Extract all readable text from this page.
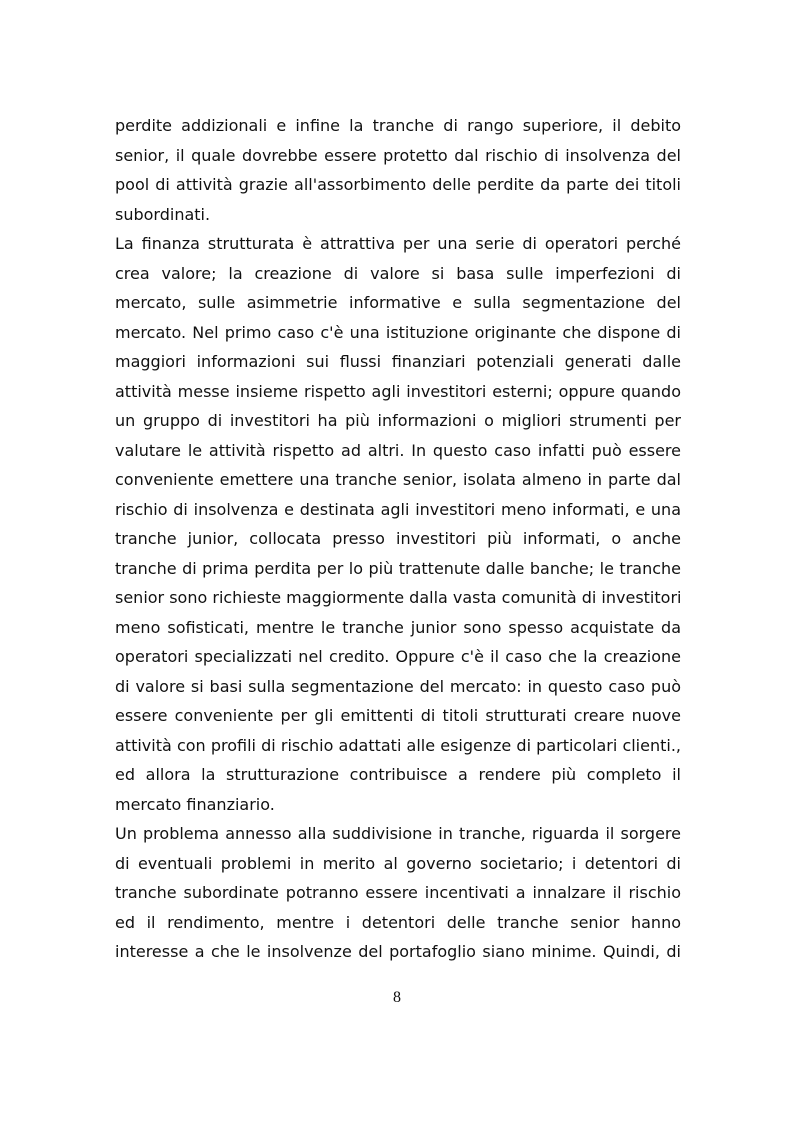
perdite addizionali e infine la tranche di rango superiore, il debito
senior, il quale dovrebbe essere protetto dal rischio di insolvenza del
pool di attività grazie all'assorbimento delle perdite da parte dei titoli
subordinati.
La finanza strutturata è attrattiva per una serie di operatori perché
crea valore; la creazione di valore si basa sulle imperfezioni di
mercato, sulle asimmetrie informative e sulla segmentazione del
mercato. Nel primo caso c'è una istituzione originante che dispone di
maggiori informazioni sui flussi finanziari potenziali generati dalle
attività messe insieme rispetto agli investitori esterni; oppure quando
un gruppo di investitori ha più informazioni o migliori strumenti per
valutare le attività rispetto ad altri. In questo caso infatti può essere
conveniente emettere una tranche senior, isolata almeno in parte dal
rischio di insolvenza e destinata agli investitori meno informati, e una
tranche junior, collocata presso investitori più informati, o anche
tranche di prima perdita per lo più trattenute dalle banche; le tranche
senior sono richieste maggiormente dalla vasta comunità di investitori
meno sofisticati, mentre le tranche junior sono spesso acquistate da
operatori specializzati nel credito. Oppure c'è il caso che la creazione
di valore si basi sulla segmentazione del mercato: in questo caso può
essere conveniente per gli emittenti di titoli strutturati creare nuove
attività con profili di rischio adattati alle esigenze di particolari clienti.,
ed allora la strutturazione contribuisce a rendere più completo il
mercato finanziario.
Un problema annesso alla suddivisione in tranche, riguarda il sorgere
di eventuali problemi in merito al governo societario; i detentori di
tranche subordinate potranno essere incentivati a innalzare il rischio
ed il rendimento, mentre i detentori delle tranche senior hanno
interesse a che le insolvenze del portafoglio siano minime. Quindi, di
8
